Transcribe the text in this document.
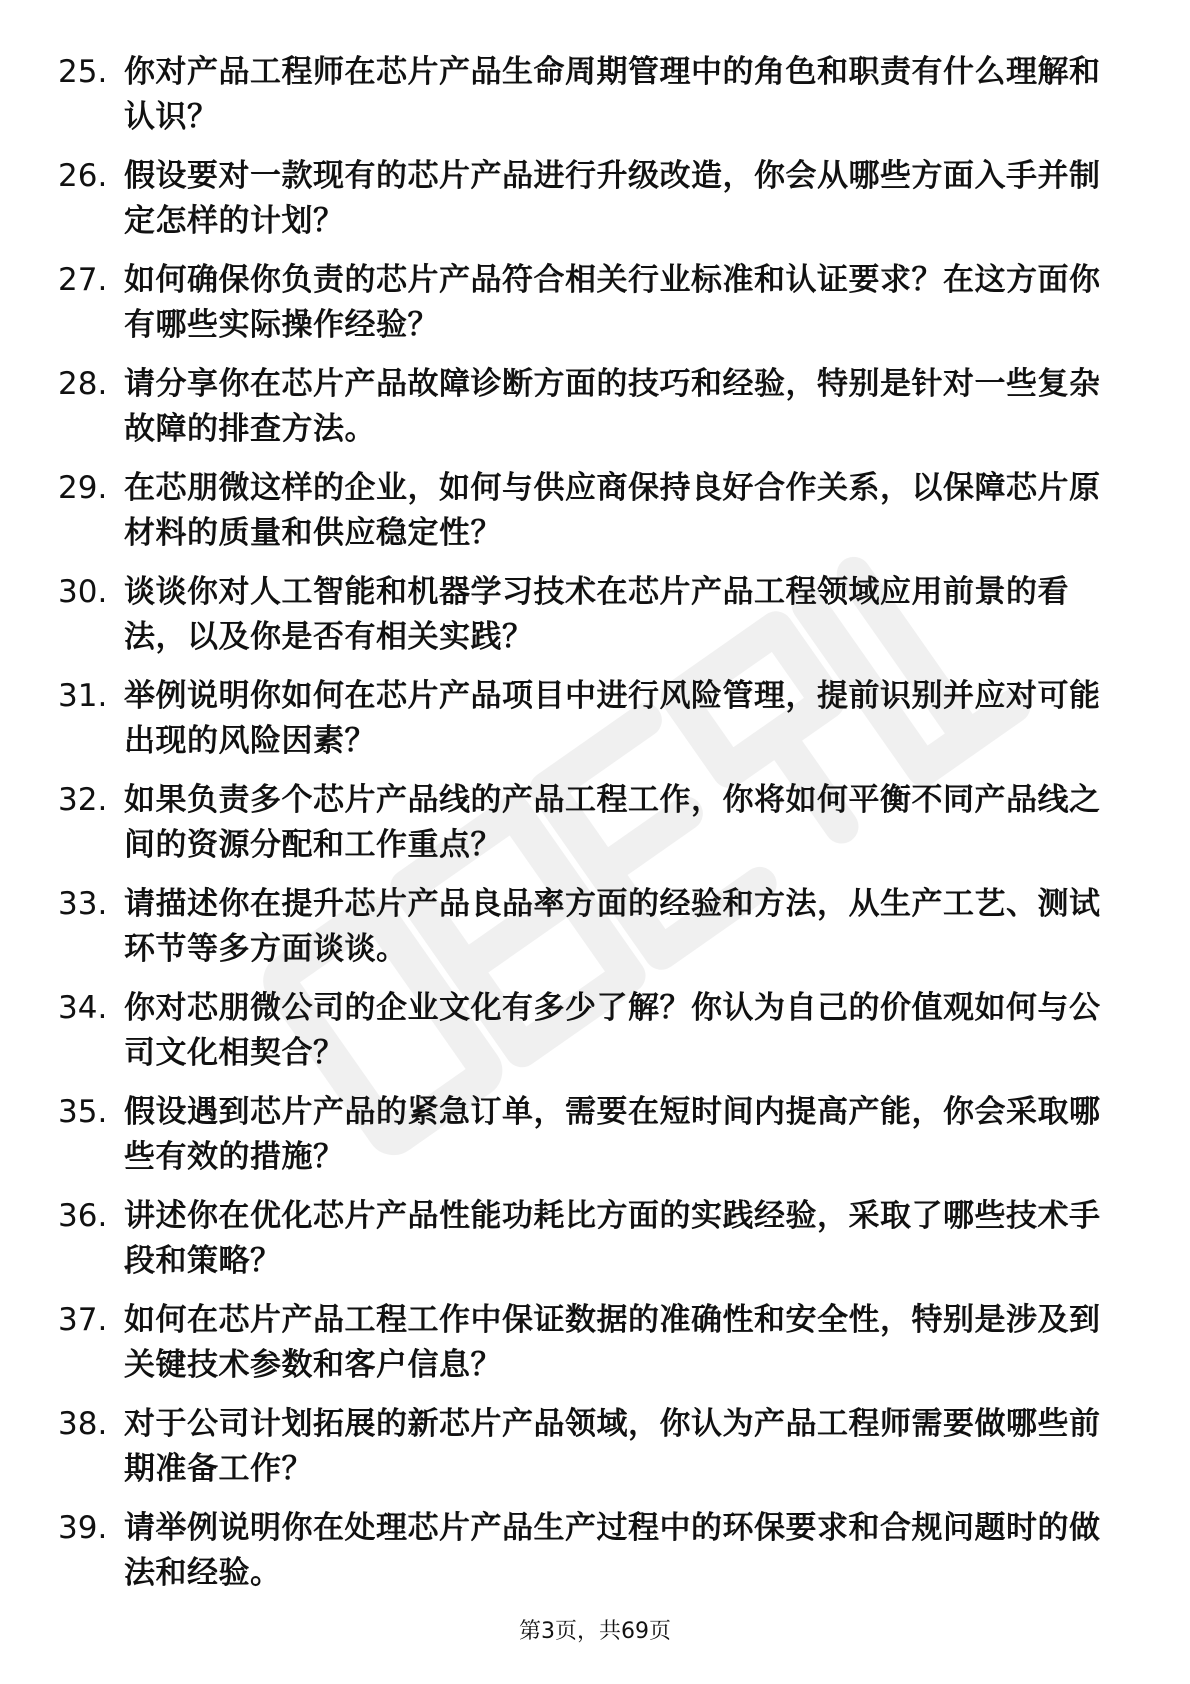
25. 你对产品工程师在芯片产品生命周期管理中的角色和职责有什么理解和认识？
26. 假设要对一款现有的芯片产品进行升级改造，你会从哪些方面入手并制定怎样的计划？
27. 如何确保你负责的芯片产品符合相关行业标准和认证要求？在这方面你有哪些实际操作经验？
28. 请分享你在芯片产品故障诊断方面的技巧和经验，特别是针对一些复杂故障的排查方法。
29. 在芯朋微这样的企业，如何与供应商保持良好合作关系，以保障芯片原材料的质量和供应稳定性？
30. 谈谈你对人工智能和机器学习技术在芯片产品工程领域应用前景的看法，以及你是否有相关实践？
31. 举例说明你如何在芯片产品项目中进行风险管理，提前识别并应对可能出现的风险因素？
32. 如果负责多个芯片产品线的产品工程工作，你将如何平衡不同产品线之间的资源分配和工作重点？
33. 请描述你在提升芯片产品良品率方面的经验和方法，从生产工艺、测试环节等多方面谈谈。
34. 你对芯朋微公司的企业文化有多少了解？你认为自己的价值观如何与公司文化相契合？
35. 假设遇到芯片产品的紧急订单，需要在短时间内提高产能，你会采取哪些有效的措施？
36. 讲述你在优化芯片产品性能功耗比方面的实践经验，采取了哪些技术手段和策略？
37. 如何在芯片产品工程工作中保证数据的准确性和安全性，特别是涉及到关键技术参数和客户信息？
38. 对于公司计划拓展的新芯片产品领域，你认为产品工程师需要做哪些前期准备工作？
39. 请举例说明你在处理芯片产品生产过程中的环保要求和合规问题时的做法和经验。
第3页，共69页
